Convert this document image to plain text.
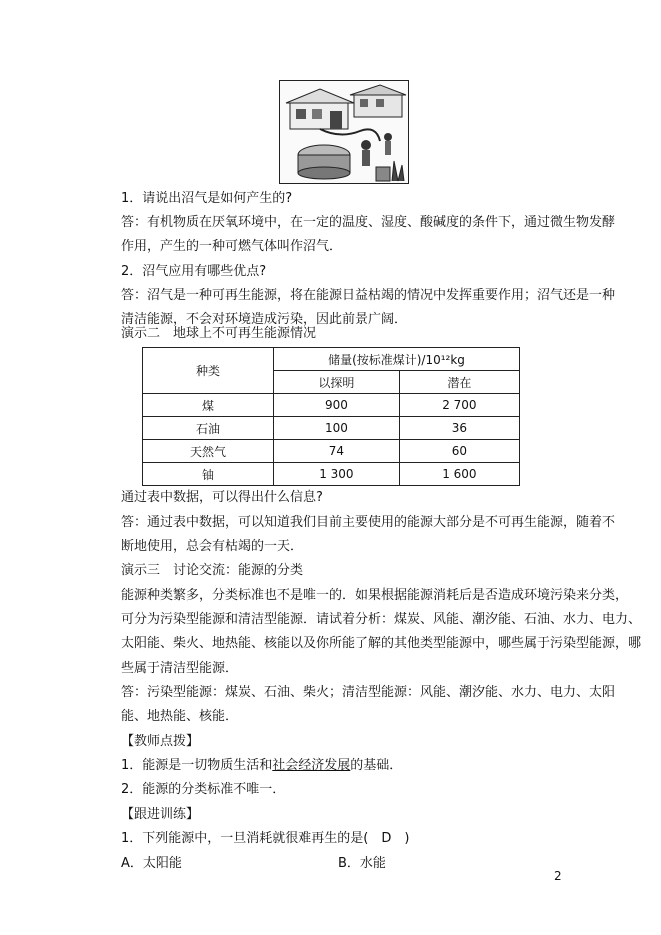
1．请说出沼气是如何产生的?
答：有机物质在厌氧环境中，在一定的温度、湿度、酸碱度的条件下，通过微生物发酵
作用，产生的一种可燃气体叫作沼气．
2．沼气应用有哪些优点?
答：沼气是一种可再生能源，将在能源日益枯竭的情况中发挥重要作用；沼气还是一种
清洁能源，不会对环境造成污染，因此前景广阔．
演示二　地球上不可再生能源情况
种类	储量(按标准煤计)/10¹²kg	
	以探明	潜在
煤	900	2 700
石油	100	36
天然气	74	60
铀	1 300	1 600
通过表中数据，可以得出什么信息?
答：通过表中数据，可以知道我们目前主要使用的能源大部分是不可再生能源，随着不
断地使用，总会有枯竭的一天．
演示三　讨论交流：能源的分类
能源种类繁多，分类标准也不是唯一的．如果根据能源消耗后是否造成环境污染来分类，
可分为污染型能源和清洁型能源．请试着分析：煤炭、风能、潮汐能、石油、水力、电力、
太阳能、柴火、地热能、核能以及你所能了解的其他类型能源中，哪些属于污染型能源，哪
些属于清洁型能源．
答：污染型能源：煤炭、石油、柴火；清洁型能源：风能、潮汐能、水力、电力、太阳
能、地热能、核能．
【教师点拨】
1．能源是一切物质生活和社会经济发展的基础．
2．能源的分类标准不唯一．
【跟进训练】
1．下列能源中，一旦消耗就很难再生的是(　D　)
A．太阳能	B．水能
2
